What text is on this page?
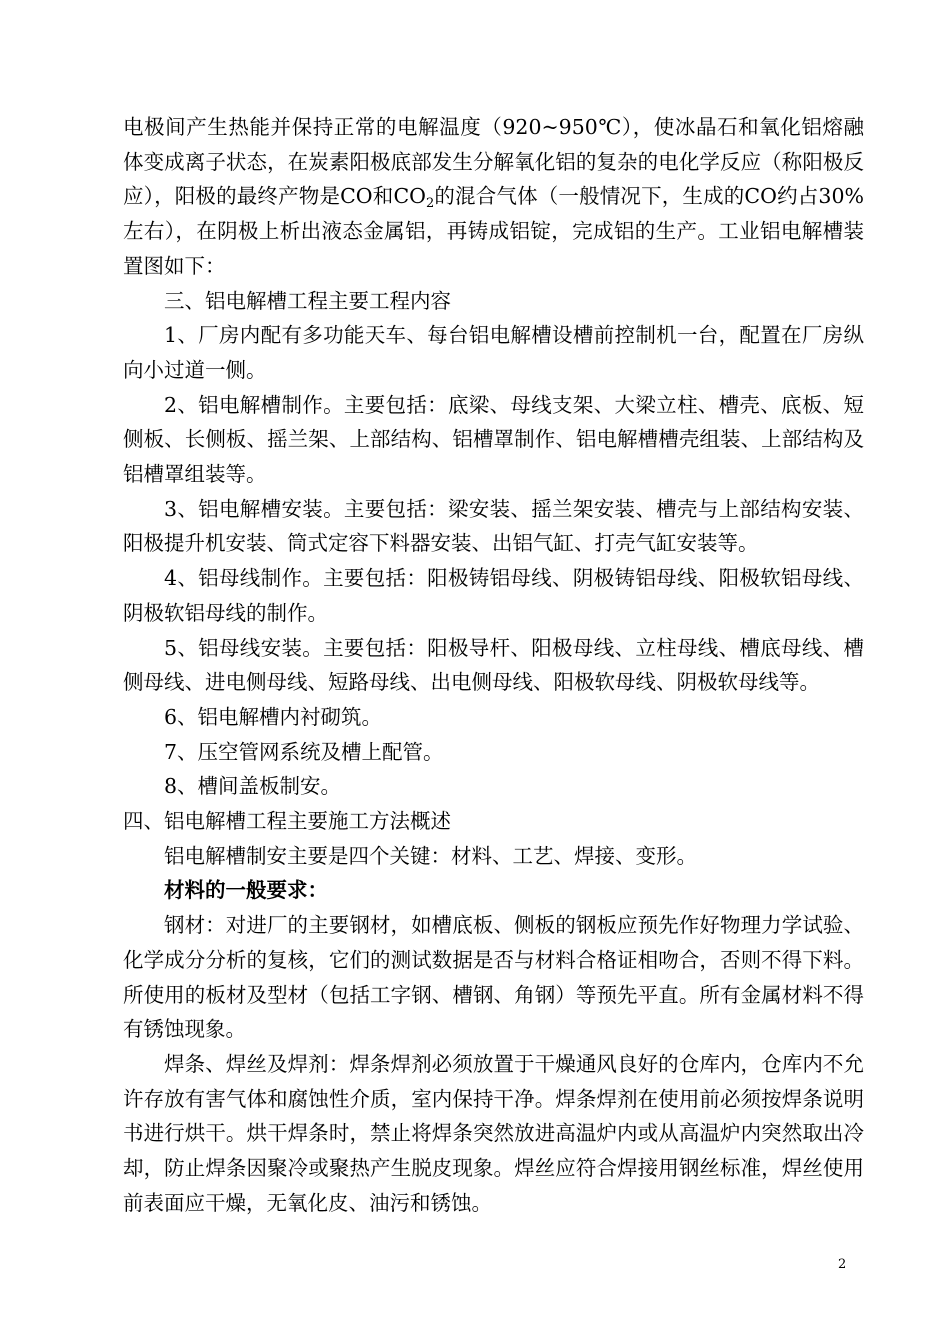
电极间产生热能并保持正常的电解温度（920~950℃），使冰晶石和氧化铝熔融体变成离子状态，在炭素阳极底部发生分解氧化铝的复杂的电化学反应（称阳极反应），阳极的最终产物是CO和$CO_2$的混合气体（一般情况下，生成的CO约占30%左右），在阴极上析出液态金属铝，再铸成铝锭，完成铝的生产。工业铝电解槽装置图如下：

三、铝电解槽工程主要工程内容

1、厂房内配有多功能天车、每台铝电解槽设槽前控制机一台，配置在厂房纵向小过道一侧。

2、铝电解槽制作。主要包括：底梁、母线支架、大梁立柱、槽壳、底板、短侧板、长侧板、摇兰架、上部结构、铝槽罩制作、铝电解槽槽壳组装、上部结构及铝槽罩组装等。

3、铝电解槽安装。主要包括：梁安装、摇兰架安装、槽壳与上部结构安装、阳极提升机安装、筒式定容下料器安装、出铝气缸、打壳气缸安装等。

4、铝母线制作。主要包括：阳极铸铝母线、阴极铸铝母线、阳极软铝母线、阴极软铝母线的制作。

5、铝母线安装。主要包括：阳极导杆、阳极母线、立柱母线、槽底母线、槽侧母线、进电侧母线、短路母线、出电侧母线、阳极软母线、阴极软母线等。

6、铝电解槽内衬砌筑。

7、压空管网系统及槽上配管。

8、槽间盖板制安。

四、铝电解槽工程主要施工方法概述

铝电解槽制安主要是四个关键：材料、工艺、焊接、变形。

材料的一般要求：

钢材：对进厂的主要钢材，如槽底板、侧板的钢板应预先作好物理力学试验、化学成分分析的复核，它们的测试数据是否与材料合格证相吻合，否则不得下料。所使用的板材及型材（包括工字钢、槽钢、角钢）等预先平直。所有金属材料不得有锈蚀现象。

焊条、焊丝及焊剂：焊条焊剂必须放置于干燥通风良好的仓库内，仓库内不允许存放有害气体和腐蚀性介质，室内保持干净。焊条焊剂在使用前必须按焊条说明书进行烘干。烘干焊条时，禁止将焊条突然放进高温炉内或从高温炉内突然取出冷却，防止焊条因聚冷或聚热产生脱皮现象。焊丝应符合焊接用钢丝标准，焊丝使用前表面应干燥，无氧化皮、油污和锈蚀。

2
